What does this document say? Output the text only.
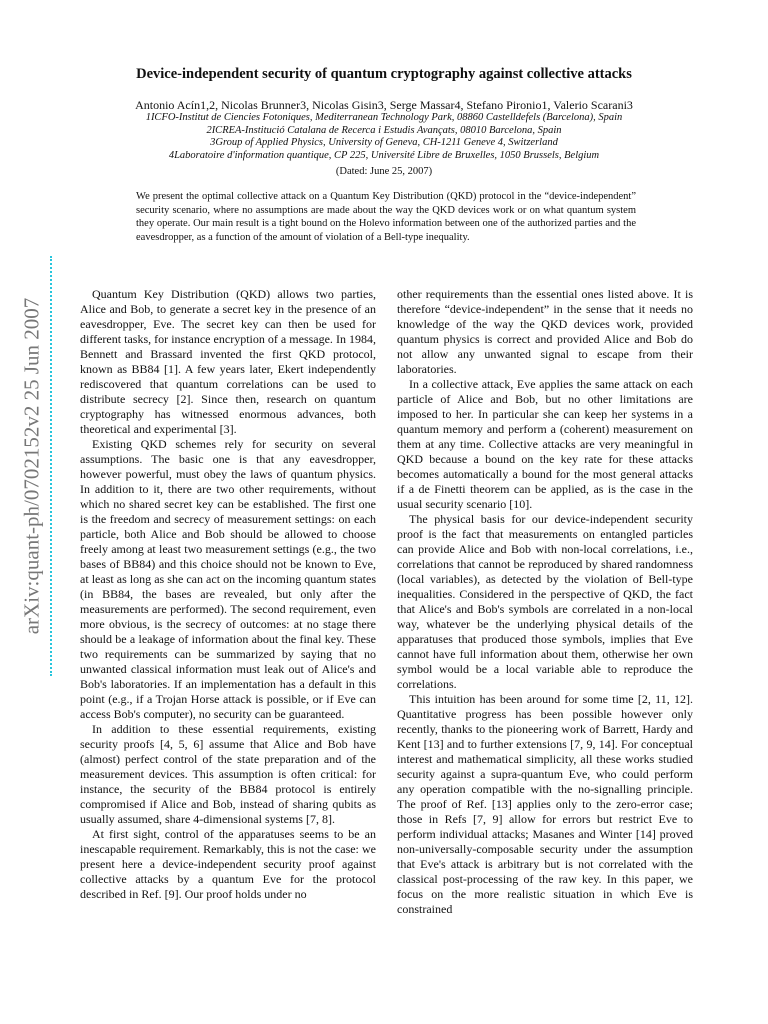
arXiv:quant-ph/0702152v2 25 Jun 2007
Device-independent security of quantum cryptography against collective attacks
Antonio Acín1,2, Nicolas Brunner3, Nicolas Gisin3, Serge Massar4, Stefano Pironio1, Valerio Scarani3
1ICFO-Institut de Ciencies Fotoniques, Mediterranean Technology Park, 08860 Castelldefels (Barcelona), Spain
2ICREA-Institució Catalana de Recerca i Estudis Avançats, 08010 Barcelona, Spain
3Group of Applied Physics, University of Geneva, CH-1211 Geneve 4, Switzerland
4Laboratoire d'information quantique, CP 225, Université Libre de Bruxelles, 1050 Brussels, Belgium
(Dated: June 25, 2007)
We present the optimal collective attack on a Quantum Key Distribution (QKD) protocol in the “device-independent” security scenario, where no assumptions are made about the way the QKD devices work or on what quantum system they operate. Our main result is a tight bound on the Holevo information between one of the authorized parties and the eavesdropper, as a function of the amount of violation of a Bell-type inequality.

Quantum Key Distribution (QKD) allows two parties, Alice and Bob, to generate a secret key in the presence of an eavesdropper, Eve. The secret key can then be used for different tasks, for instance encryption of a message. In 1984, Bennett and Brassard invented the first QKD protocol, known as BB84 [1]. A few years later, Ekert independently rediscovered that quantum correlations can be used to distribute secrecy [2]. Since then, research on quantum cryptography has witnessed enormous advances, both theoretical and experimental [3].

Existing QKD schemes rely for security on several assumptions. The basic one is that any eavesdropper, however powerful, must obey the laws of quantum physics. In addition to it, there are two other requirements, without which no shared secret key can be established. The first one is the freedom and secrecy of measurement settings: on each particle, both Alice and Bob should be allowed to choose freely among at least two measurement settings (e.g., the two bases of BB84) and this choice should not be known to Eve, at least as long as she can act on the incoming quantum states (in BB84, the bases are revealed, but only after the measurements are performed). The second requirement, even more obvious, is the secrecy of outcomes: at no stage there should be a leakage of information about the final key. These two requirements can be summarized by saying that no unwanted classical information must leak out of Alice's and Bob's laboratories. If an implementation has a default in this point (e.g., if a Trojan Horse attack is possible, or if Eve can access Bob's computer), no security can be guaranteed.

In addition to these essential requirements, existing security proofs [4, 5, 6] assume that Alice and Bob have (almost) perfect control of the state preparation and of the measurement devices. This assumption is often critical: for instance, the security of the BB84 protocol is entirely compromised if Alice and Bob, instead of sharing qubits as usually assumed, share 4-dimensional systems [7, 8].

At first sight, control of the apparatuses seems to be an inescapable requirement. Remarkably, this is not the case: we present here a device-independent security proof against collective attacks by a quantum Eve for the protocol described in Ref. [9]. Our proof holds under no

other requirements than the essential ones listed above. It is therefore “device-independent” in the sense that it needs no knowledge of the way the QKD devices work, provided quantum physics is correct and provided Alice and Bob do not allow any unwanted signal to escape from their laboratories.

In a collective attack, Eve applies the same attack on each particle of Alice and Bob, but no other limitations are imposed to her. In particular she can keep her systems in a quantum memory and perform a (coherent) measurement on them at any time. Collective attacks are very meaningful in QKD because a bound on the key rate for these attacks becomes automatically a bound for the most general attacks if a de Finetti theorem can be applied, as is the case in the usual security scenario [10].

The physical basis for our device-independent security proof is the fact that measurements on entangled particles can provide Alice and Bob with non-local correlations, i.e., correlations that cannot be reproduced by shared randomness (local variables), as detected by the violation of Bell-type inequalities. Considered in the perspective of QKD, the fact that Alice's and Bob's symbols are correlated in a non-local way, whatever be the underlying physical details of the apparatuses that produced those symbols, implies that Eve cannot have full information about them, otherwise her own symbol would be a local variable able to reproduce the correlations.

This intuition has been around for some time [2, 11, 12]. Quantitative progress has been possible however only recently, thanks to the pioneering work of Barrett, Hardy and Kent [13] and to further extensions [7, 9, 14]. For conceptual interest and mathematical simplicity, all these works studied security against a supra-quantum Eve, who could perform any operation compatible with the no-signalling principle. The proof of Ref. [13] applies only to the zero-error case; those in Refs [7, 9] allow for errors but restrict Eve to perform individual attacks; Masanes and Winter [14] proved non-universally-composable security under the assumption that Eve's attack is arbitrary but is not correlated with the classical post-processing of the raw key. In this paper, we focus on the more realistic situation in which Eve is constrained
